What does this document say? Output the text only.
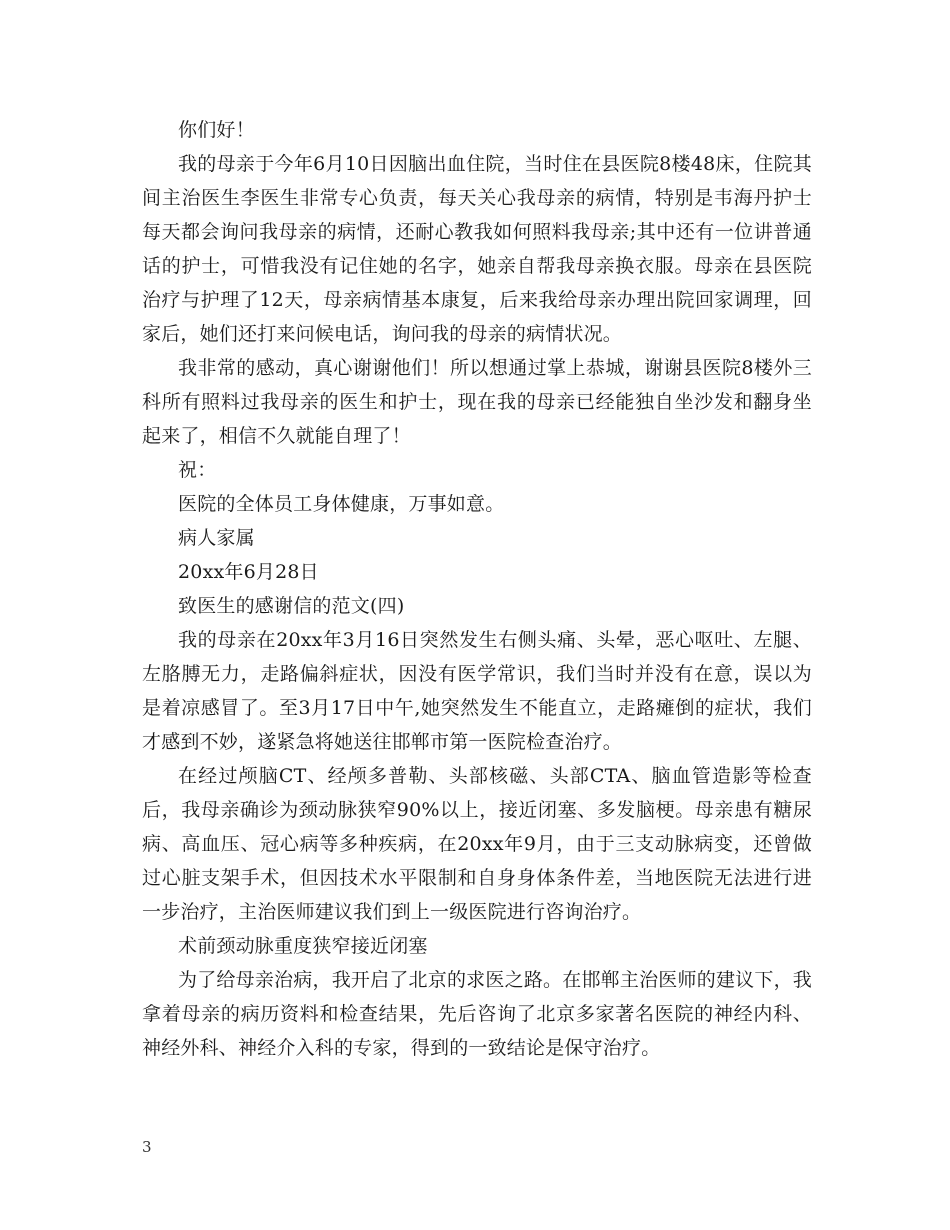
你们好！

我的母亲于今年6月10日因脑出血住院，当时住在县医院8楼48床，住院其间主治医生李医生非常专心负责，每天关心我母亲的病情，特别是韦海丹护士每天都会询问我母亲的病情，还耐心教我如何照料我母亲;其中还有一位讲普通话的护士，可惜我没有记住她的名字，她亲自帮我母亲换衣服。母亲在县医院治疗与护理了12天，母亲病情基本康复，后来我给母亲办理出院回家调理，回家后，她们还打来问候电话，询问我的母亲的病情状况。

我非常的感动，真心谢谢他们！所以想通过掌上恭城，谢谢县医院8楼外三科所有照料过我母亲的医生和护士，现在我的母亲已经能独自坐沙发和翻身坐起来了，相信不久就能自理了！

祝：

医院的全体员工身体健康，万事如意。

病人家属

20xx年6月28日

致医生的感谢信的范文(四)

我的母亲在20xx年3月16日突然发生右侧头痛、头晕，恶心呕吐、左腿、左胳膊无力，走路偏斜症状，因没有医学常识，我们当时并没有在意，误以为是着凉感冒了。至3月17日中午,她突然发生不能直立，走路瘫倒的症状，我们才感到不妙，遂紧急将她送往邯郸市第一医院检查治疗。

在经过颅脑CT、经颅多普勒、头部核磁、头部CTA、脑血管造影等检查后，我母亲确诊为颈动脉狭窄90%以上，接近闭塞、多发脑梗。母亲患有糖尿病、高血压、冠心病等多种疾病，在20xx年9月，由于三支动脉病变，还曾做过心脏支架手术，但因技术水平限制和自身身体条件差，当地医院无法进行进一步治疗，主治医师建议我们到上一级医院进行咨询治疗。

术前颈动脉重度狭窄接近闭塞

为了给母亲治病，我开启了北京的求医之路。在邯郸主治医师的建议下，我拿着母亲的病历资料和检查结果，先后咨询了北京多家著名医院的神经内科、神经外科、神经介入科的专家，得到的一致结论是保守治疗。

3
